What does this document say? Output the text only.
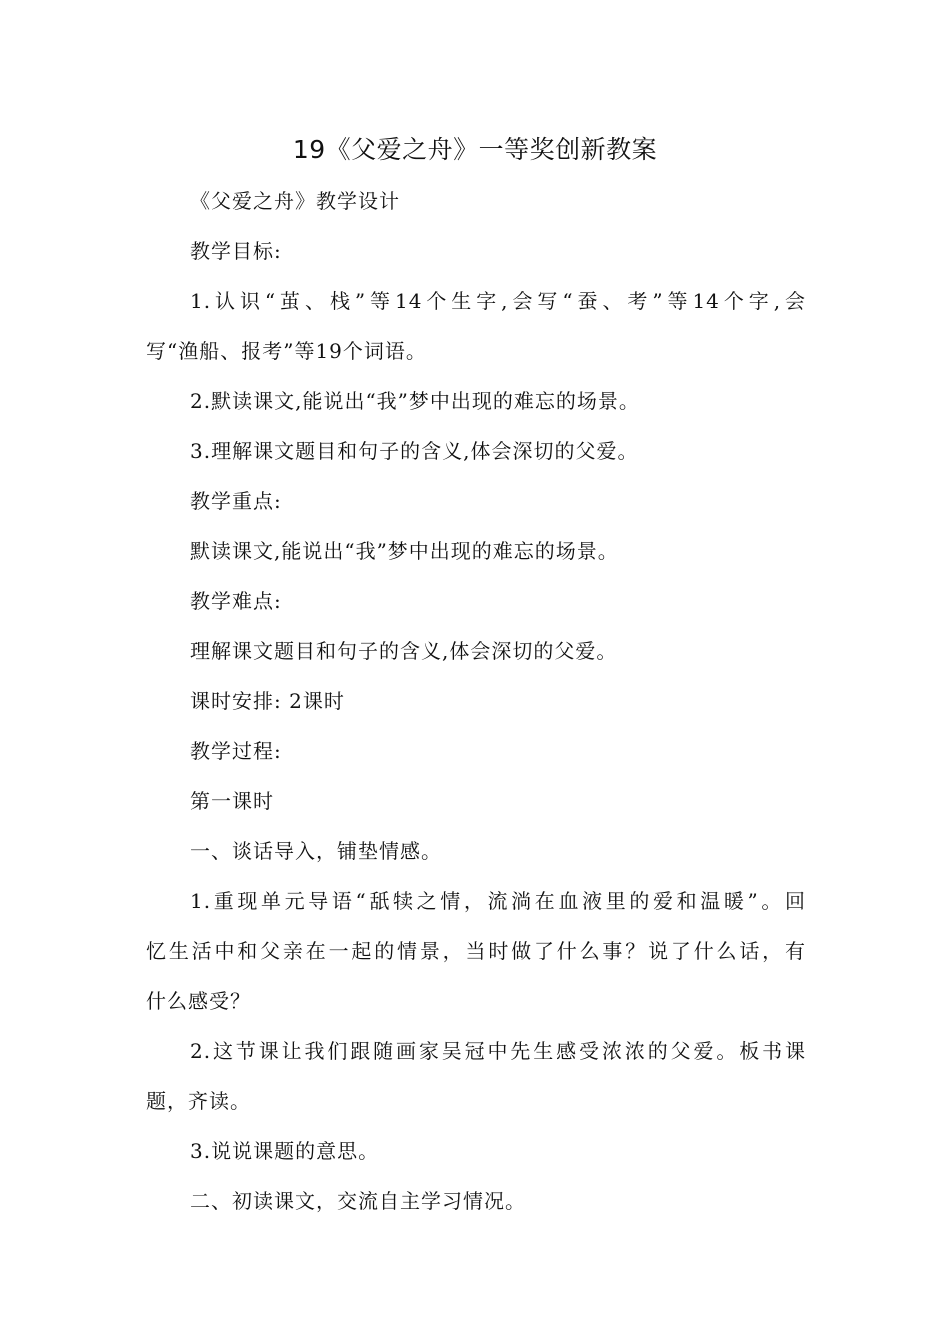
19《父爱之舟》一等奖创新教案
《父爱之舟》教学设计
教学目标:
1.认识“茧、栈”等14个生字,会写“蚕、考”等14个字,会
写“渔船、报考”等19个词语。
2.默读课文,能说出“我”梦中出现的难忘的场景。
3.理解课文题目和句子的含义,体会深切的父爱。
教学重点:
默读课文,能说出“我”梦中出现的难忘的场景。
教学难点:
理解课文题目和句子的含义,体会深切的父爱。
课时安排: 2课时
教学过程:
第一课时
一、谈话导入，铺垫情感。
1.重现单元导语“舐犊之情，流淌在血液里的爱和温暖”。回
忆生活中和父亲在一起的情景，当时做了什么事？说了什么话，有
什么感受？
2.这节课让我们跟随画家吴冠中先生感受浓浓的父爱。板书课
题，齐读。
3.说说课题的意思。
二、初读课文，交流自主学习情况。
